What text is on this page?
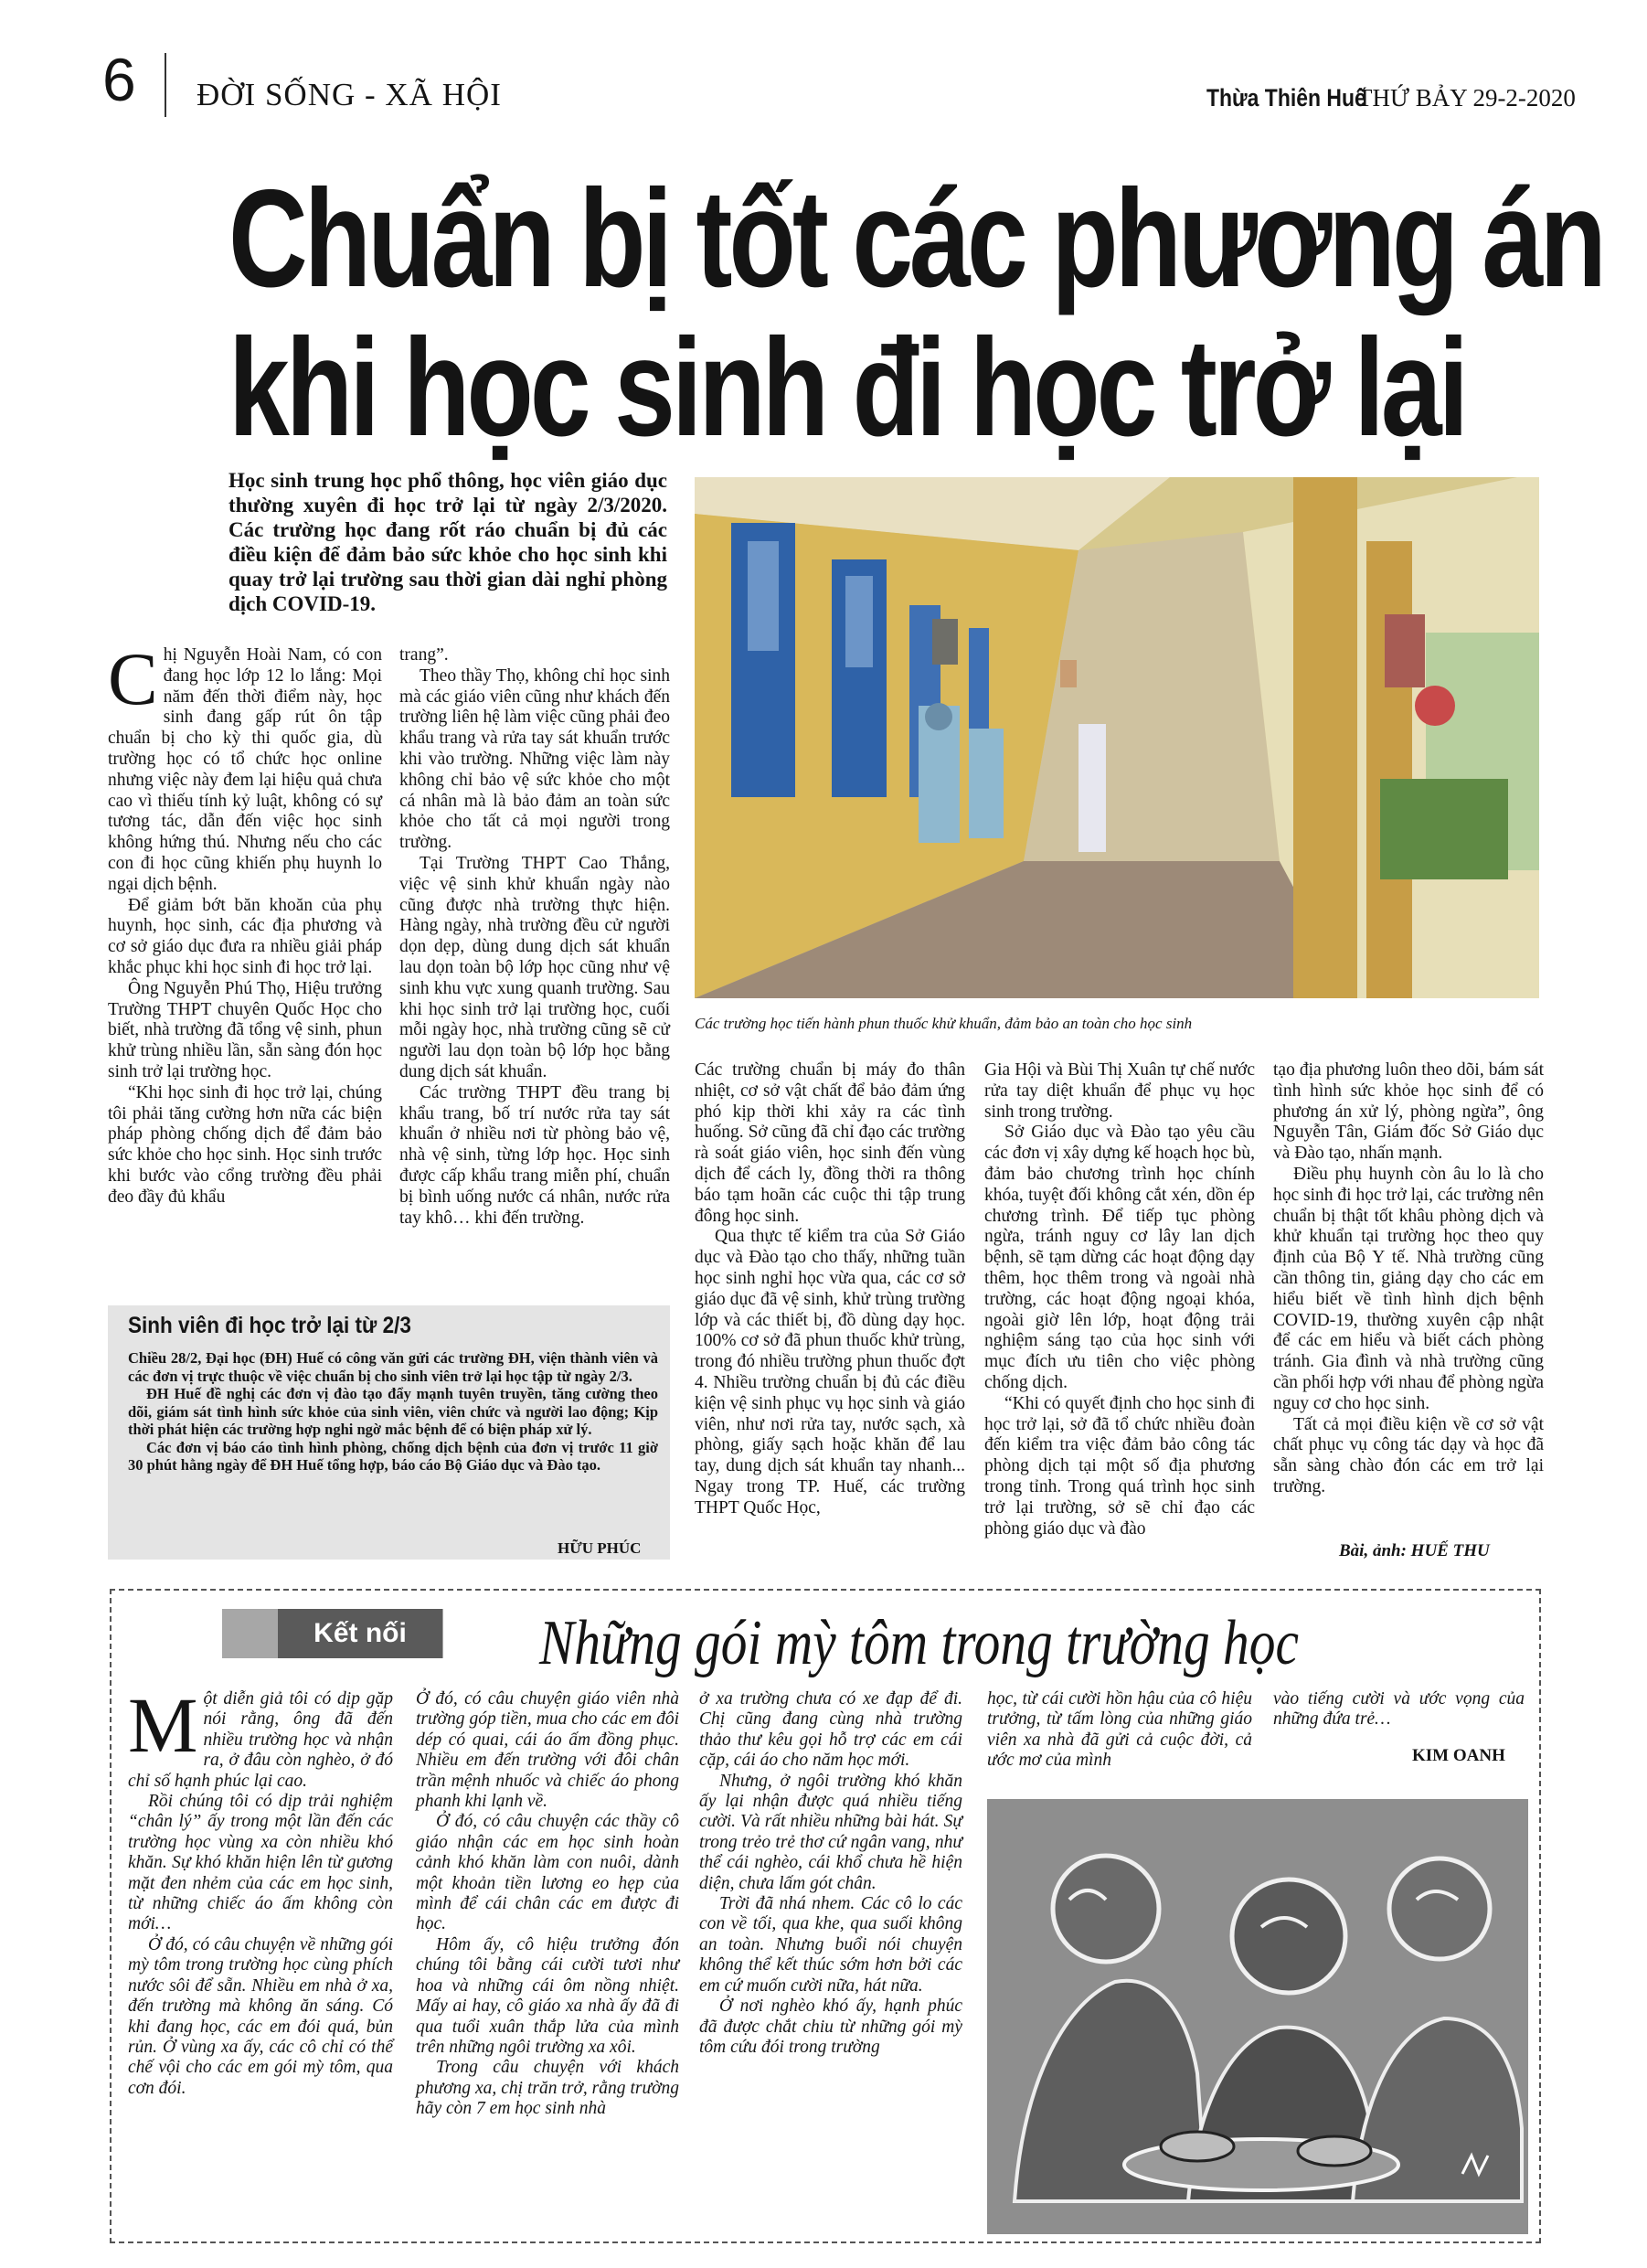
6 ĐỜI SỐNG - XÃ HỘI	Thừa Thiên Huế
THỨ BẢY 29-2-2020
Chuẩn bị tốt các phương án
khi học sinh đi học trở lại
Học sinh trung học phổ thông, học viên giáo dục thường xuyên đi học trở lại từ ngày 2/3/2020. Các trường học đang rốt ráo chuẩn bị đủ các điều kiện để đảm bảo sức khỏe cho học sinh khi quay trở lại trường sau thời gian dài nghỉ phòng dịch COVID-19.
Các trường học tiến hành phun thuốc khử khuẩn, đảm bảo an toàn cho học sinh

Chị Nguyễn Hoài Nam, có con đang học lớp 12 lo lắng: Mọi năm đến thời điểm này, học sinh đang gấp rút ôn tập chuẩn bị cho kỳ thi quốc gia, dù trường học có tổ chức học online nhưng việc này đem lại hiệu quả chưa cao vì thiếu tính kỷ luật, không có sự tương tác, dẫn đến việc học sinh không hứng thú. Nhưng nếu cho các con đi học cũng khiến phụ huynh lo ngại dịch bệnh.

Để giảm bớt băn khoăn của phụ huynh, học sinh, các địa phương và cơ sở giáo dục đưa ra nhiều giải pháp khắc phục khi học sinh đi học trở lại.

Ông Nguyễn Phú Thọ, Hiệu trưởng Trường THPT chuyên Quốc Học cho biết, nhà trường đã tổng vệ sinh, phun khử trùng nhiều lần, sẵn sàng đón học sinh trở lại trường học.

“Khi học sinh đi học trở lại, chúng tôi phải tăng cường hơn nữa các biện pháp phòng chống dịch để đảm bảo sức khỏe cho học sinh. Học sinh trước khi bước vào cổng trường đều phải đeo đầy đủ khẩu

trang”.

Theo thầy Thọ, không chỉ học sinh mà các giáo viên cũng như khách đến trường liên hệ làm việc cũng phải đeo khẩu trang và rửa tay sát khuẩn trước khi vào trường. Những việc làm này không chỉ bảo vệ sức khỏe cho một cá nhân mà là bảo đảm an toàn sức khỏe cho tất cả mọi người trong trường.

Tại Trường THPT Cao Thắng, việc vệ sinh khử khuẩn ngày nào cũng được nhà trường thực hiện. Hàng ngày, nhà trường đều cử người dọn dẹp, dùng dung dịch sát khuẩn lau dọn toàn bộ lớp học cũng như vệ sinh khu vực xung quanh trường. Sau khi học sinh trở lại trường học, cuối mỗi ngày học, nhà trường cũng sẽ cử người lau dọn toàn bộ lớp học bằng dung dịch sát khuẩn.

Các trường THPT đều trang bị khẩu trang, bố trí nước rửa tay sát khuẩn ở nhiều nơi từ phòng bảo vệ, nhà vệ sinh, từng lớp học. Học sinh được cấp khẩu trang miễn phí, chuẩn bị bình uống nước cá nhân, nước rửa tay khô… khi đến trường.

Các trường chuẩn bị máy đo thân nhiệt, cơ sở vật chất để bảo đảm ứng phó kịp thời khi xảy ra các tình huống. Sở cũng đã chỉ đạo các trường rà soát giáo viên, học sinh đến vùng dịch để cách ly, đồng thời ra thông báo tạm hoãn các cuộc thi tập trung đông học sinh.

Qua thực tế kiểm tra của Sở Giáo dục và Đào tạo cho thấy, những tuần học sinh nghỉ học vừa qua, các cơ sở giáo dục đã vệ sinh, khử trùng trường lớp và các thiết bị, đồ dùng dạy học. 100% cơ sở đã phun thuốc khử trùng, trong đó nhiều trường phun thuốc đợt 4. Nhiều trường chuẩn bị đủ các điều kiện vệ sinh phục vụ học sinh và giáo viên, như nơi rửa tay, nước sạch, xà phòng, giấy sạch hoặc khăn để lau tay, dung dịch sát khuẩn tay nhanh... Ngay trong TP. Huế, các trường THPT Quốc Học,

Gia Hội và Bùi Thị Xuân tự chế nước rửa tay diệt khuẩn để phục vụ học sinh trong trường.

Sở Giáo dục và Đào tạo yêu cầu các đơn vị xây dựng kế hoạch học bù, đảm bảo chương trình học chính khóa, tuyệt đối không cắt xén, dồn ép chương trình. Để tiếp tục phòng ngừa, tránh nguy cơ lây lan dịch bệnh, sẽ tạm dừng các hoạt động dạy thêm, học thêm trong và ngoài nhà trường, các hoạt động ngoại khóa, ngoài giờ lên lớp, hoạt động trải nghiệm sáng tạo của học sinh với mục đích ưu tiên cho việc phòng chống dịch.

“Khi có quyết định cho học sinh đi học trở lại, sở đã tổ chức nhiều đoàn đến kiểm tra việc đảm bảo công tác phòng dịch tại một số địa phương trong tỉnh. Trong quá trình học sinh trở lại trường, sở sẽ chỉ đạo các phòng giáo dục và đào

tạo địa phương luôn theo dõi, bám sát tình hình sức khỏe học sinh để có phương án xử lý, phòng ngừa”, ông Nguyễn Tân, Giám đốc Sở Giáo dục và Đào tạo, nhấn mạnh.

Điều phụ huynh còn âu lo là cho học sinh đi học trở lại, các trường nên chuẩn bị thật tốt khâu phòng dịch và khử khuẩn tại trường học theo quy định của Bộ Y tế. Nhà trường cũng cần thông tin, giảng dạy cho các em hiểu biết về tình hình dịch bệnh COVID-19, thường xuyên cập nhật để các em hiểu và biết cách phòng tránh. Gia đình và nhà trường cũng cần phối hợp với nhau để phòng ngừa nguy cơ cho học sinh.

Tất cả mọi điều kiện về cơ sở vật chất phục vụ công tác dạy và học đã sẵn sàng chào đón các em trở lại trường.

Sinh viên đi học trở lại từ 2/3

Chiều 28/2, Đại học (ĐH) Huế có công văn gửi các trường ĐH, viện thành viên và các đơn vị trực thuộc về việc chuẩn bị cho sinh viên trở lại học tập từ ngày 2/3.

ĐH Huế đề nghị các đơn vị đào tạo đẩy mạnh tuyên truyền, tăng cường theo dõi, giám sát tình hình sức khỏe của sinh viên, viên chức và người lao động; Kịp thời phát hiện các trường hợp nghi ngờ mắc bệnh để có biện pháp xử lý.

Các đơn vị báo cáo tình hình phòng, chống dịch bệnh của đơn vị trước 11 giờ 30 phút hằng ngày để ĐH Huế tổng hợp, báo cáo Bộ Giáo dục và Đào tạo.

HỮU PHÚC	Bài, ảnh: HUẾ THU
Kết nối	Những gói mỳ tôm trong trường học

Một diễn giả tôi có dịp gặp nói rằng, ông đã đến nhiều trường học và nhận ra, ở đâu còn nghèo, ở đó chỉ số hạnh phúc lại cao.

Rồi chúng tôi có dịp trải nghiệm “chân lý” ấy trong một lần đến các trường học vùng xa còn nhiều khó khăn. Sự khó khăn hiện lên từ gương mặt đen nhẻm của các em học sinh, từ những chiếc áo ấm không còn mới…

Ở đó, có câu chuyện về những gói mỳ tôm trong trường học cùng phích nước sôi để sẵn. Nhiều em nhà ở xa, đến trường mà không ăn sáng. Có khi đang học, các em đói quá, bủn rủn. Ở vùng xa ấy, các cô chỉ có thể chế vội cho các em gói mỳ tôm, qua cơn đói.

Ở đó, có câu chuyện giáo viên nhà trường góp tiền, mua cho các em đôi dép có quai, cái áo ấm đồng phục. Nhiều em đến trường với đôi chân trần mệnh nhuốc và chiếc áo phong phanh khi lạnh về.

Ở đó, có câu chuyện các thầy cô giáo nhận các em học sinh hoàn cảnh khó khăn làm con nuôi, dành một khoản tiền lương eo hẹp của mình để cái chân các em được đi học.

Hôm ấy, cô hiệu trưởng đón chúng tôi bằng cái cười tươi như hoa và những cái ôm nồng nhiệt. Mấy ai hay, cô giáo xa nhà ấy đã đi qua tuổi xuân thắp lửa của mình trên những ngôi trường xa xôi.

Trong câu chuyện với khách phương xa, chị trăn trở, rằng trường hãy còn 7 em học sinh nhà

ở xa trường chưa có xe đạp để đi. Chị cũng đang cùng nhà trường thảo thư kêu gọi hỗ trợ các em cái cặp, cái áo cho năm học mới.

Nhưng, ở ngôi trường khó khăn ấy lại nhận được quá nhiều tiếng cười. Và rất nhiều những bài hát. Sự trong trẻo trẻ thơ cứ ngân vang, như thể cái nghèo, cái khổ chưa hề hiện diện, chưa lấm gót chân.

Trời đã nhá nhem. Các cô lo các con về tối, qua khe, qua suối không an toàn. Nhưng buổi nói chuyện không thể kết thúc sớm hơn bởi các em cứ muốn cười nữa, hát nữa.

Ở nơi nghèo khó ấy, hạnh phúc đã được chắt chiu từ những gói mỳ tôm cứu đói trong trường

học, từ cái cười hồn hậu của cô hiệu trưởng, từ tấm lòng của những giáo viên xa nhà đã gửi cả cuộc đời, cả ước mơ của mình

vào tiếng cười và ước vọng của những đứa trẻ…

KIM OANH
